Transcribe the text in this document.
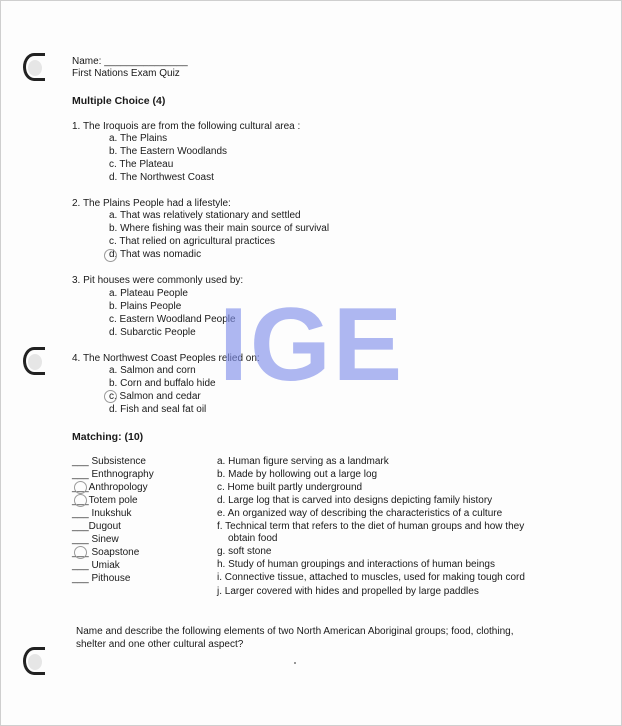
Name: _______________
First Nations Exam Quiz
Multiple Choice (4)
1. The Iroquois are from the following cultural area :
a. The Plains
b. The Eastern Woodlands
c. The Plateau
d. The Northwest Coast
2. The Plains People had a lifestyle:
a. That was relatively stationary and settled
b. Where fishing was their main source of survival
c. That relied on agricultural practices
d. That was nomadic
3. Pit houses were commonly used by:
a. Plateau People
b. Plains People
c. Eastern Woodland People
d. Subarctic People
4. The Northwest Coast Peoples relied on:
a. Salmon and corn
b. Corn and buffalo hide
c. Salmon and cedar
d. Fish and seal fat oil
Matching: (10)
___ Subsistence
___ Enthnography
___Anthropology
___Totem pole
___ Inukshuk
___Dugout
___ Sinew
___ Soapstone
___ Umiak
___ Pithouse
a. Human figure serving as a landmark
b. Made by hollowing out a large log
c. Home built partly underground
d. Large log that is carved into designs depicting family history
e. An organized way of describing the characteristics of a culture
f. Technical term that refers to the diet of human groups and how they
obtain food
g. soft stone
h. Study of human groupings and interactions of human beings
i. Connective tissue, attached to muscles, used for making tough cord
j. Larger covered with hides and propelled by large paddles
Name and describe the following elements of two North American Aboriginal groups; food, clothing,
shelter and one other cultural aspect?
IGE
